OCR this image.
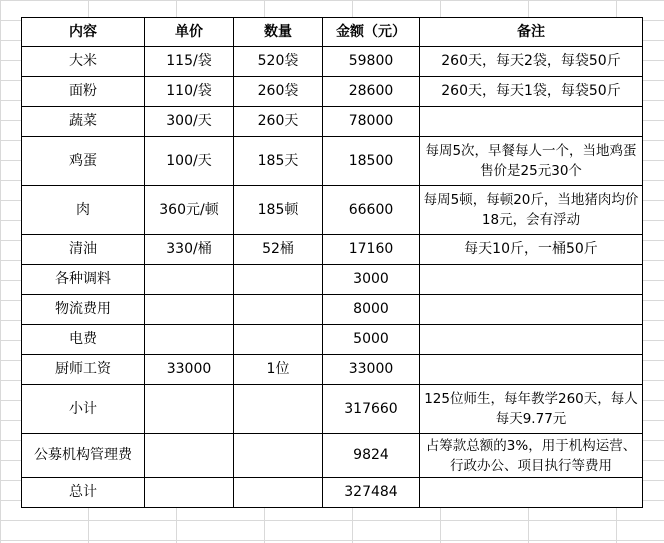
内容	单价	数量	金额（元）	备注
大米	115/袋	520袋	59800	260天，每天2袋，每袋50斤
面粉	110/袋	260袋	28600	260天，每天1袋，每袋50斤
蔬菜	300/天	260天	78000	
鸡蛋	100/天	185天	18500	每周5次，早餐每人一个，当地鸡蛋售价是25元30个
肉	360元/顿	185顿	66600	每周5顿，每顿20斤，当地猪肉均价18元，会有浮动
清油	330/桶	52桶	17160	每天10斤，一桶50斤
各种调料			3000	
物流费用			8000	
电费			5000	
厨师工资	33000	1位	33000	
小计			317660	125位师生，每年教学260天，每人每天9.77元
公募机构管理费			9824	占筹款总额的3%，用于机构运营、行政办公、项目执行等费用
总计			327484	
